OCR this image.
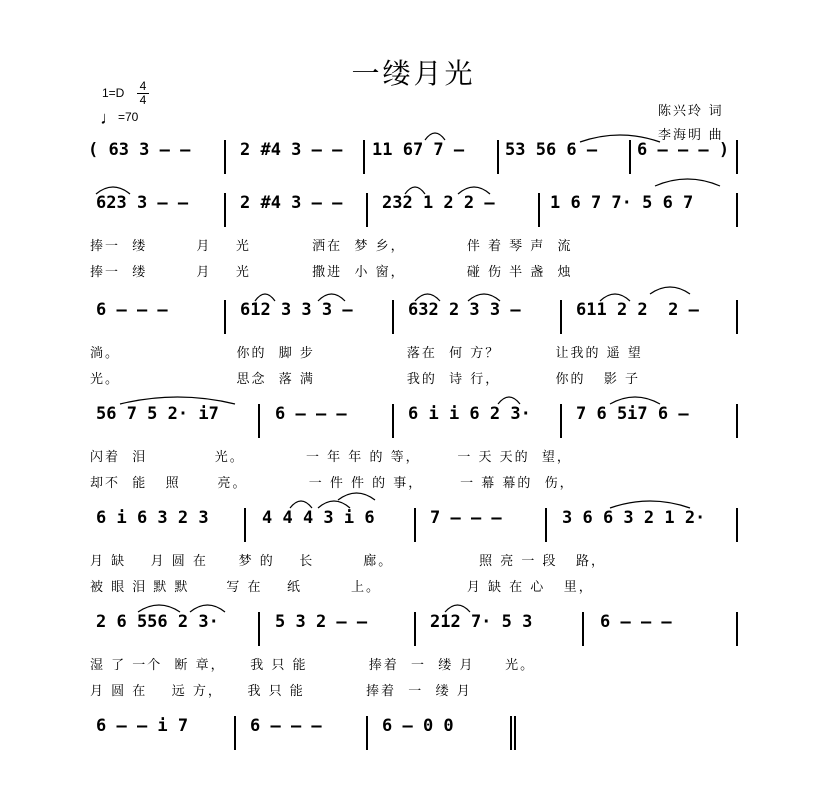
一缕月光
1=D	4
4
♩=70	陈兴玲 词
李海明 曲
( 63 3 – –	2 #4 3 – – 11 67 7 – 53 56 6 – 6 – – – )
623 3 – –	2 #4 3 – – 232 1 2 2 –	1 6 7 7· 5 6 7
捧一  缕        月    光          洒在  梦 乡，          伴 着 琴 声  流
捧一  缕        月    光          撒进  小 窗，          碰 伤 半 盏  烛
6 – – –	612 3 3 3 –	632 2 3 3 –	611 2 2  2 –
淌。                   你的  脚 步               落在  何 方？         让我的 遥 望
光。                   思念  落 满               我的  诗 行，         你的   影 子
56 7 5 2· i7	6 – – –	6 i i 6 2 3·	7 6 5i7 6 –
闪着  泪           光。          一 年 年 的 等，      一 天 天的  望，
却不  能   照      亮。          一 件 件 的 事，      一 幕 幕的  伤，
6 i 6 3 2 3	4 4 4 3 i 6	7 – – –	3 6 6 3 2 1 2·
月 缺    月 圆 在     梦 的    长        廊。              照 亮 一 段   路，
被 眼 泪 默 默      写 在    纸        上。              月 缺 在 心   里，
2 6 556 2 3·	5 3 2 – –	212 7· 5 3	6 – – –
湿 了 一个  断 章，    我 只 能          捧着  一  缕 月     光。
月 圆 在    远 方，    我 只 能          捧着  一  缕 月
6 – – i 7	6 – – –	6 – 0 0
